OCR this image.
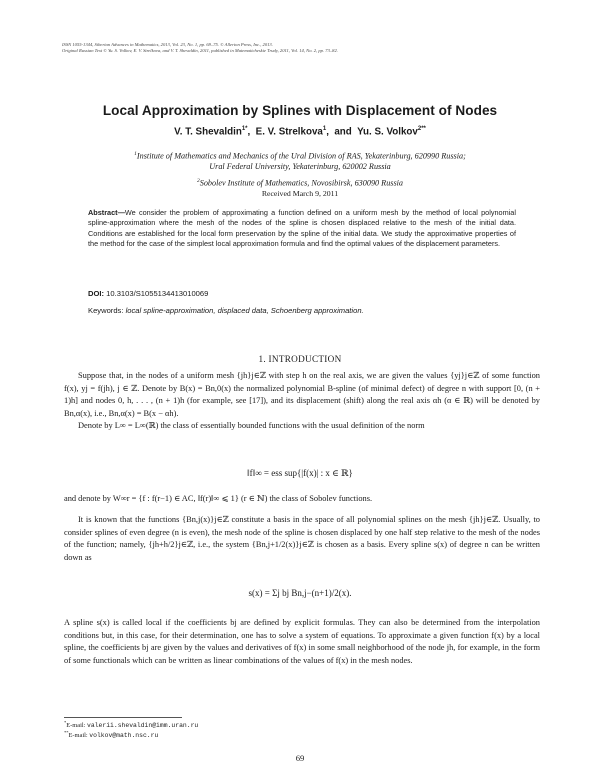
ISSN 1055-1344, Siberian Advances in Mathematics, 2013, Vol. 23, No. 1, pp. 69–75. © Allerton Press, Inc., 2013.
Original Russian Text © Yu. S. Volkov, E. V. Strelkova, and V. T. Shevaldin, 2011, published in Matematicheskie Trudy, 2011, Vol. 14, No. 2, pp. 73–82.
Local Approximation by Splines with Displacement of Nodes
V. T. Shevaldin$^{1*}$,  E. V. Strelkova$^1$,  and Yu. S. Volkov$^{2**}$
$^1$Institute of Mathematics and Mechanics of the Ural Division of RAS, Yekaterinburg, 620990 Russia;
Ural Federal University, Yekaterinburg, 620002 Russia
$^2$Sobolev Institute of Mathematics, Novosibirsk, 630090 Russia
Received March 9, 2011
Abstract—We consider the problem of approximating a function defined on a uniform mesh by the method of local polynomial spline-approximation where the mesh of the nodes of the spline is chosen displaced relative to the mesh of the initial data. Conditions are established for the local form preservation by the spline of the initial data. We study the approximative properties of the method for the case of the simplest local approximation formula and find the optimal values of the displacement parameters.
DOI: 10.3103/S1055134413010069
Keywords: local spline-approximation, displaced data, Schoenberg approximation.
1. INTRODUCTION

Suppose that, in the nodes of a uniform mesh {jh}j∈ℤ with step h on the real axis, we are given the values {yj}j∈ℤ of some function f(x), yj = f(jh), j ∈ ℤ. Denote by B(x) = Bn,0(x) the normalized polynomial B-spline (of minimal defect) of degree n with support [0, (n + 1)h] and nodes 0, h, . . . , (n + 1)h (for example, see [17]), and its displacement (shift) along the real axis αh (α ∈ ℝ) will be denoted by Bn,α(x), i.e., Bn,α(x) = B(x − αh).

Denote by L∞ = L∞(ℝ) the class of essentially bounded functions with the usual definition of the norm

‖f‖∞ = ess sup{|f(x)| : x ∈ ℝ}

and denote by W∞r = {f : f(r−1) ∈ AC, ‖f(r)‖∞ ⩽ 1} (r ∈ ℕ) the class of Sobolev functions.

It is known that the functions {Bn,j(x)}j∈ℤ constitute a basis in the space of all polynomial splines on the mesh {jh}j∈ℤ. Usually, to consider splines of even degree (n is even), the mesh node of the spline is chosen displaced by one half step relative to the mesh of the nodes of the function; namely, {jh+h/2}j∈ℤ, i.e., the system {Bn,j+1/2(x)}j∈ℤ is chosen as a basis. Every spline s(x) of degree n can be written down as

s(x) = Σj bj Bn,j−(n+1)/2(x).

A spline s(x) is called local if the coefficients bj are defined by explicit formulas. They can also be determined from the interpolation conditions but, in this case, for their determination, one has to solve a system of equations. To approximate a given function f(x) by a local spline, the coefficients bj are given by the values and derivatives of f(x) in some small neighborhood of the node jh, for example, in the form of some functionals which can be written as linear combinations of the values of f(x) in the mesh nodes.

*E-mail: valerii.shevaldin@imm.uran.ru
**E-mail: volkov@math.nsc.ru
69
